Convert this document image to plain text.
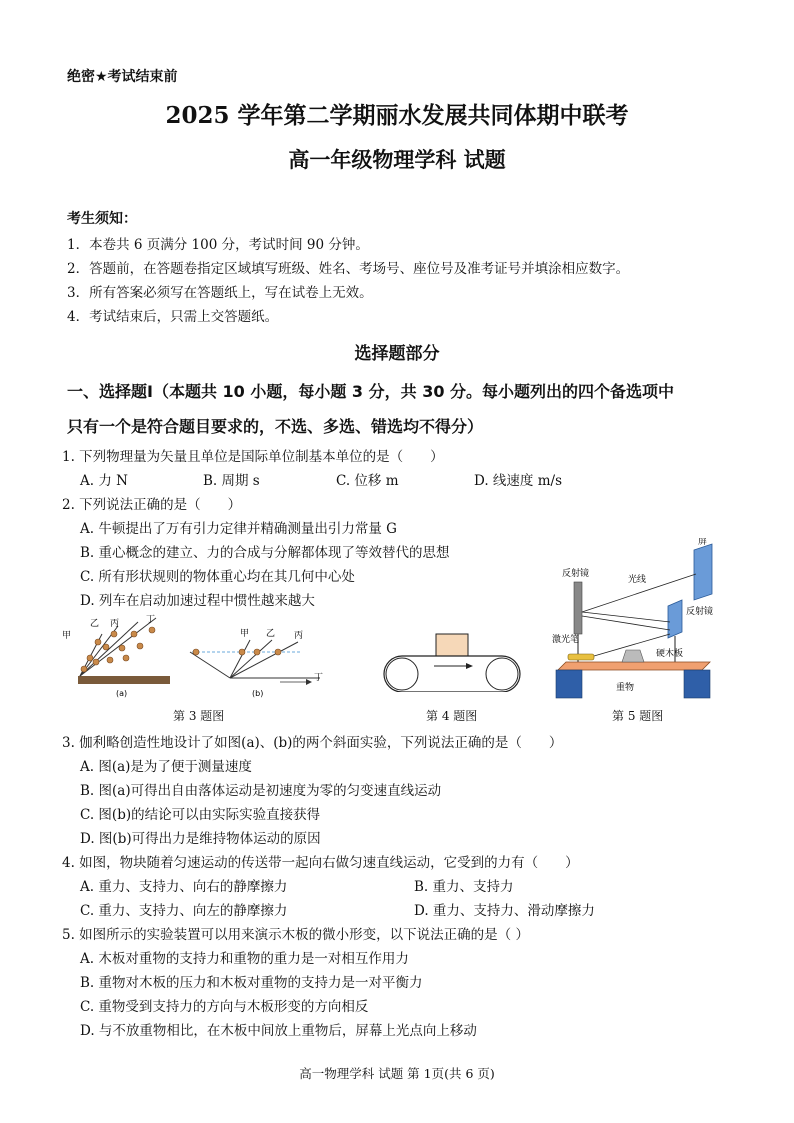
绝密★考试结束前
2025 学年第二学期丽水发展共同体期中联考
高一年级物理学科 试题
考生须知：
1．本卷共 6 页满分 100 分，考试时间 90 分钟。
2．答题前，在答题卷指定区域填写班级、姓名、考场号、座位号及准考证号并填涂相应数字。
3．所有答案必须写在答题纸上，写在试卷上无效。
4．考试结束后，只需上交答题纸。
选择题部分
一、选择题I（本题共 10 小题，每小题 3 分，共 30 分。每小题列出的四个备选项中
只有一个是符合题目要求的，不选、多选、错选均不得分）
1. 下列物理量为矢量且单位是国际单位制基本单位的是（　　）
A. 力 N	B. 周期 s	C. 位移 m	D. 线速度 m/s
2. 下列说法正确的是（　　）
A. 牛顿提出了万有引力定律并精确测量出引力常量 G
B. 重心概念的建立、力的合成与分解都体现了等效替代的思想
C. 所有形状规则的物体重心均在其几何中心处
D. 列车在启动加速过程中惯性越来越大
甲
乙 丙	丁
(a)
甲 乙 丙
丁
(b)
第 3 题图	第 4 题图
屏
反射镜
反射镜
光线
激光笔
硬木板
重物
第 5 题图
3. 伽利略创造性地设计了如图(a)、(b)的两个斜面实验，下列说法正确的是（　　）
A. 图(a)是为了便于测量速度
B. 图(a)可得出自由落体运动是初速度为零的匀变速直线运动
C. 图(b)的结论可以由实际实验直接获得
D. 图(b)可得出力是维持物体运动的原因
4. 如图，物块随着匀速运动的传送带一起向右做匀速直线运动，它受到的力有（　　）
A. 重力、支持力、向右的静摩擦力	B. 重力、支持力
C. 重力、支持力、向左的静摩擦力	D. 重力、支持力、滑动摩擦力
5. 如图所示的实验装置可以用来演示木板的微小形变，以下说法正确的是（ ）
A. 木板对重物的支持力和重物的重力是一对相互作用力
B. 重物对木板的压力和木板对重物的支持力是一对平衡力
C. 重物受到支持力的方向与木板形变的方向相反
D. 与不放重物相比，在木板中间放上重物后，屏幕上光点向上移动
高一物理学科 试题 第 1页(共 6 页)
